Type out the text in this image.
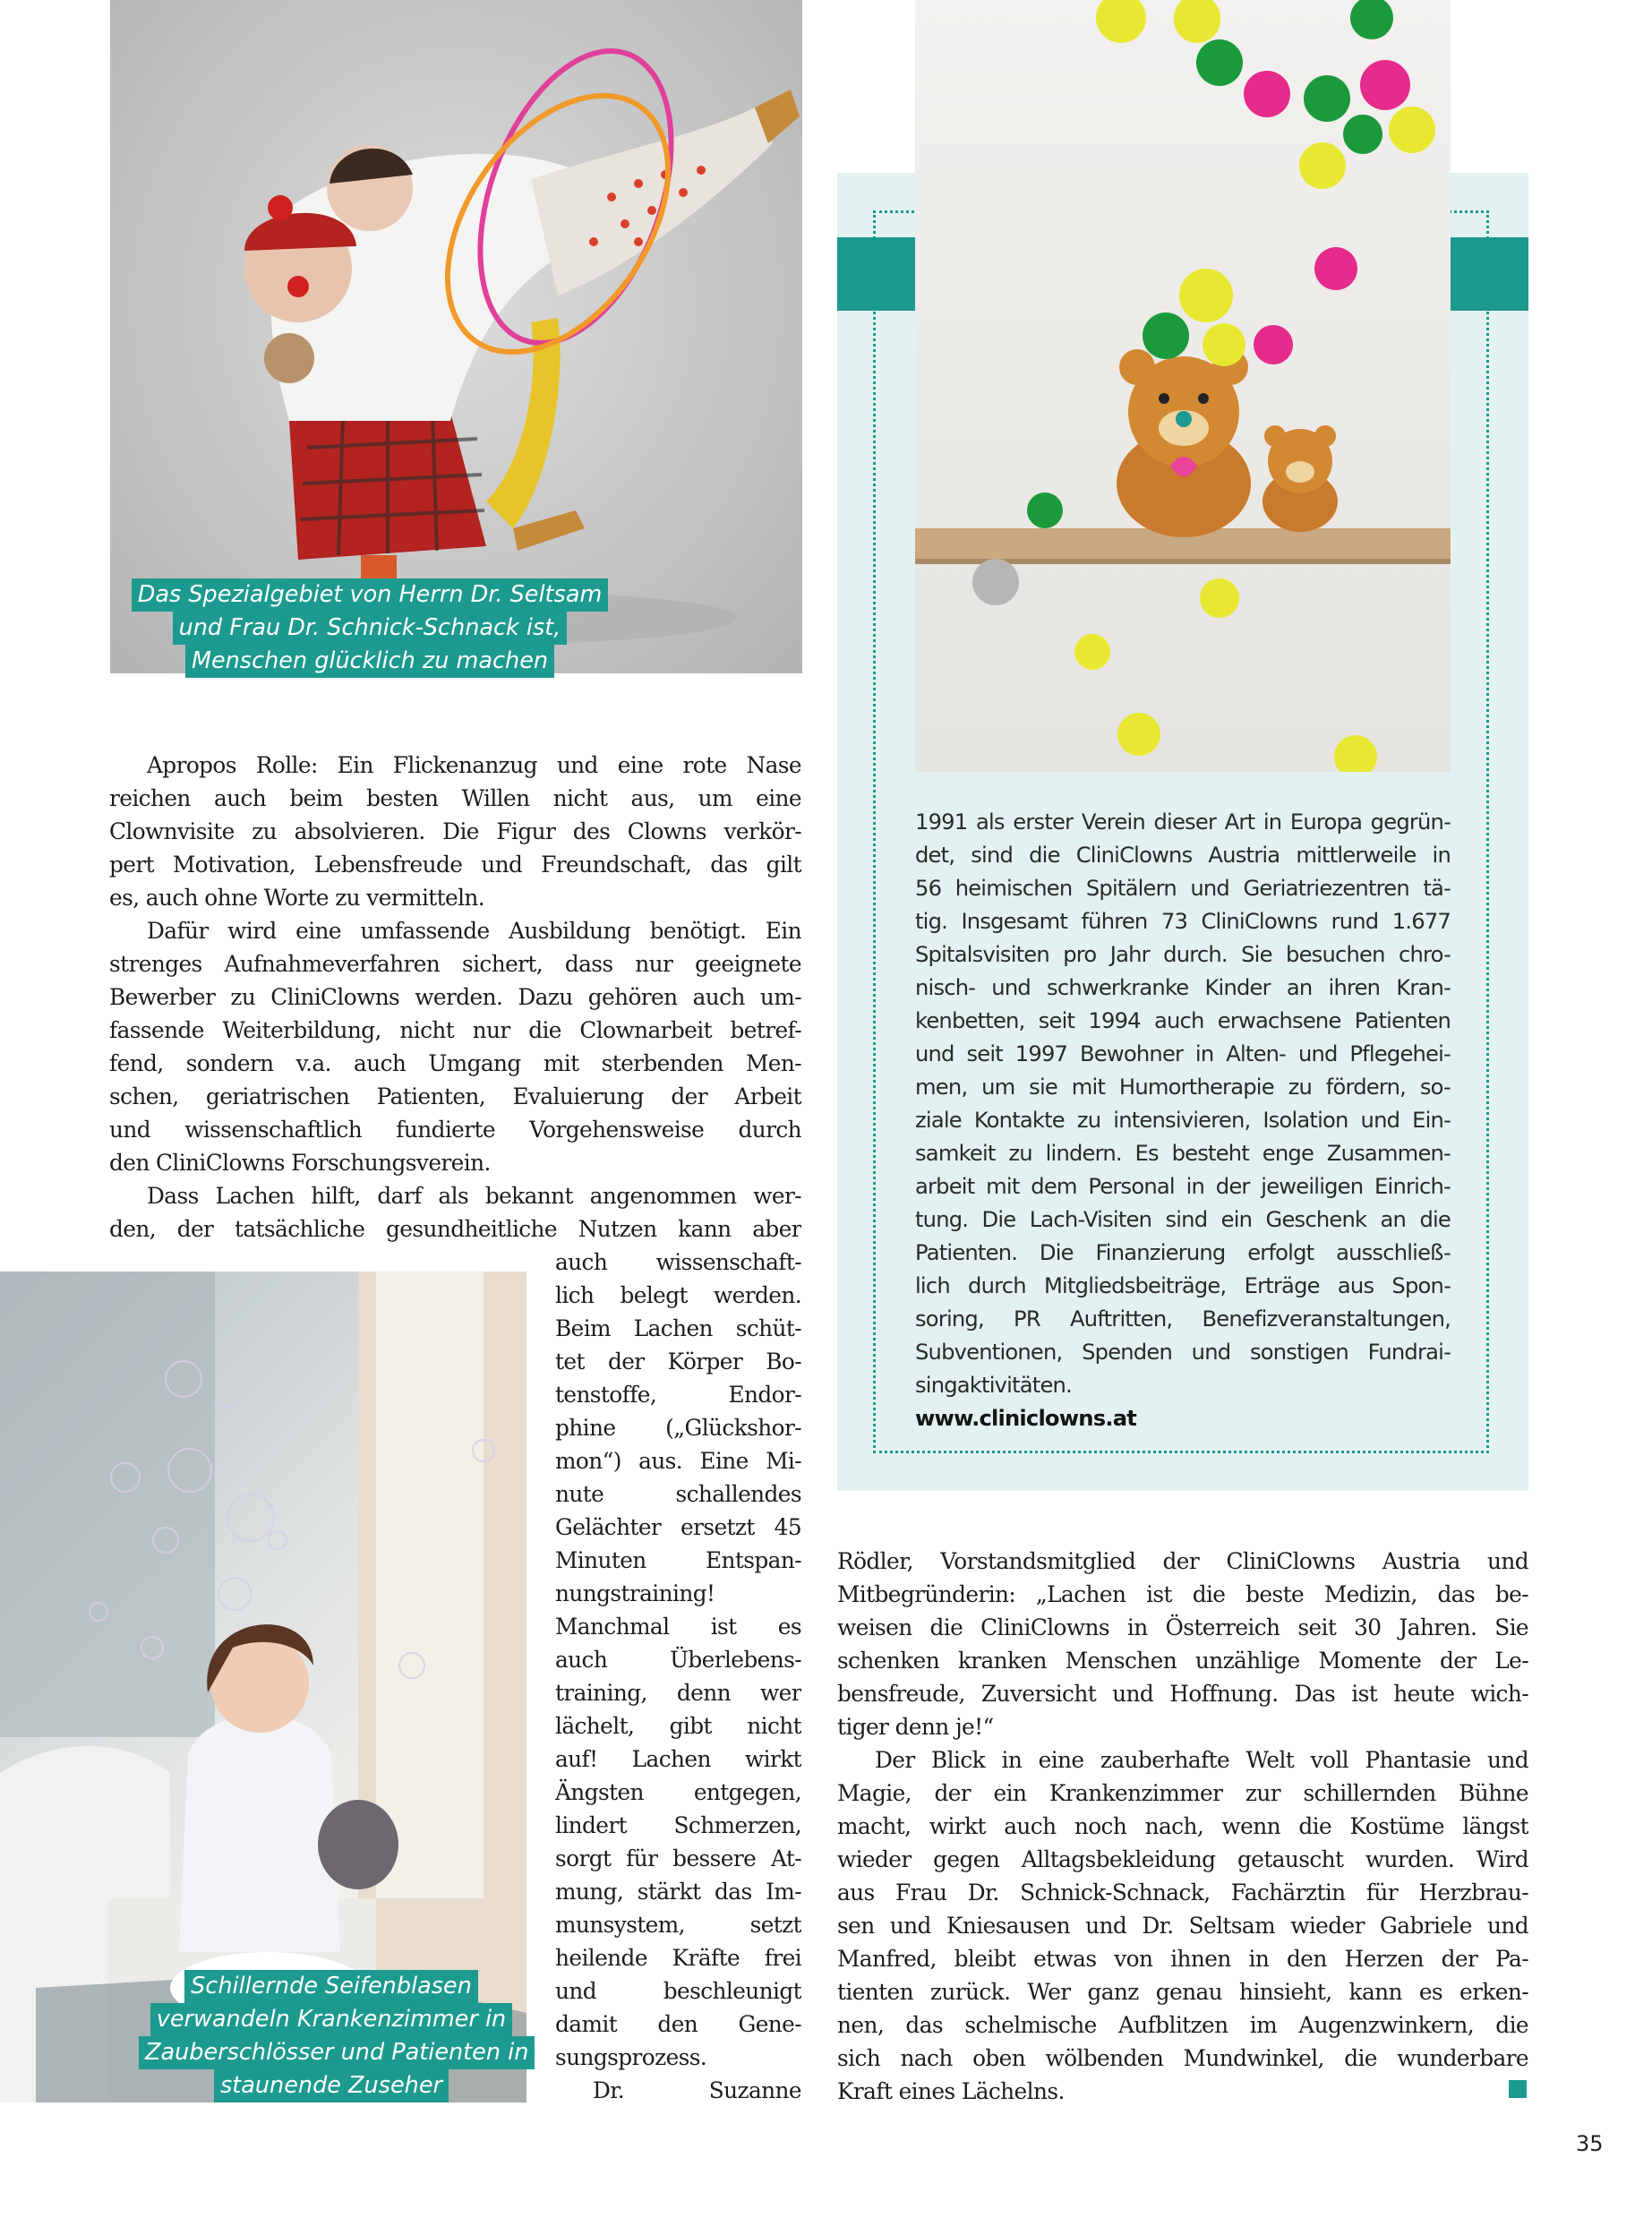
Das Spezialgebiet von Herrn Dr. Seltsam
und Frau Dr. Schnick-Schnack ist,
Menschen glücklich zu machen
Schillernde Seifenblasen
verwandeln Krankenzimmer in
Zauberschlösser und Patienten in
staunende Zuseher
Apropos Rolle: Ein Flickenanzug und eine rote Nase
reichen auch beim besten Willen nicht aus, um eine
Clownvisite zu absolvieren. Die Figur des Clowns verkör-
pert Motivation, Lebensfreude und Freundschaft, das gilt
es, auch ohne Worte zu vermitteln.
Dafür wird eine umfassende Ausbildung benötigt. Ein
strenges Aufnahmeverfahren sichert, dass nur geeignete
Bewerber zu CliniClowns werden. Dazu gehören auch um-
fassende Weiterbildung, nicht nur die Clownarbeit betref-
fend, sondern v.a. auch Umgang mit sterbenden Men-
schen, geriatrischen Patienten, Evaluierung der Arbeit
und wissenschaftlich fundierte Vorgehensweise durch
den CliniClowns Forschungsverein.
Dass Lachen hilft, darf als bekannt angenommen wer-
den, der tatsächliche gesundheitliche Nutzen kann aber
auch wissenschaft-
lich belegt werden.
Beim Lachen schüt-
tet der Körper Bo-
tenstoffe, Endor-
phine („Glückshor-
mon“) aus. Eine Mi-
nute schallendes
Gelächter ersetzt 45
Minuten Entspan-
nungstraining!
Manchmal ist es
auch Überlebens-
training, denn wer
lächelt, gibt nicht
auf! Lachen wirkt
Ängsten entgegen,
lindert Schmerzen,
sorgt für bessere At-
mung, stärkt das Im-
munsystem, setzt
heilende Kräfte frei
und beschleunigt
damit den Gene-
sungsprozess.
Dr. Suzanne
1991 als erster Verein dieser Art in Europa gegrün-
det, sind die CliniClowns Austria mittlerweile in
56 heimischen Spitälern und Geriatriezentren tä-
tig. Insgesamt führen 73 CliniClowns rund 1.677
Spitalsvisiten pro Jahr durch. Sie besuchen chro-
nisch- und schwerkranke Kinder an ihren Kran-
kenbetten, seit 1994 auch erwachsene Patienten
und seit 1997 Bewohner in Alten- und Pflegehei-
men, um sie mit Humortherapie zu fördern, so-
ziale Kontakte zu intensivieren, Isolation und Ein-
samkeit zu lindern. Es besteht enge Zusammen-
arbeit mit dem Personal in der jeweiligen Einrich-
tung. Die Lach-Visiten sind ein Geschenk an die
Patienten. Die Finanzierung erfolgt ausschließ-
lich durch Mitgliedsbeiträge, Erträge aus Spon-
soring, PR Auftritten, Benefizveranstaltungen,
Subventionen, Spenden und sonstigen Fundrai-
singaktivitäten.
www.cliniclowns.at
Rödler, Vorstandsmitglied der CliniClowns Austria und
Mitbegründerin: „Lachen ist die beste Medizin, das be-
weisen die CliniClowns in Österreich seit 30 Jahren. Sie
schenken kranken Menschen unzählige Momente der Le-
bensfreude, Zuversicht und Hoffnung. Das ist heute wich-
tiger denn je!“
Der Blick in eine zauberhafte Welt voll Phantasie und
Magie, der ein Krankenzimmer zur schillernden Bühne
macht, wirkt auch noch nach, wenn die Kostüme längst
wieder gegen Alltagsbekleidung getauscht wurden. Wird
aus Frau Dr. Schnick-Schnack, Fachärztin für Herzbrau-
sen und Kniesausen und Dr. Seltsam wieder Gabriele und
Manfred, bleibt etwas von ihnen in den Herzen der Pa-
tienten zurück. Wer ganz genau hinsieht, kann es erken-
nen, das schelmische Aufblitzen im Augenzwinkern, die
sich nach oben wölbenden Mundwinkel, die wunderbare
Kraft eines Lächelns.
35
